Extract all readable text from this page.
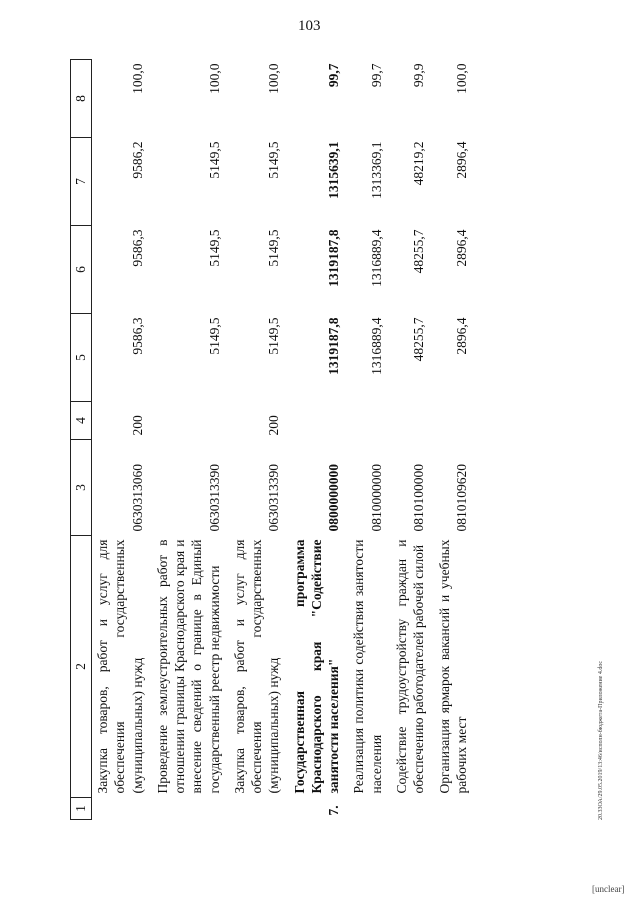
103
1	2	3	4	5	6	7	8
	Закупка товаров, работ и услуг для обеспечения государственных (муниципальных) нужд	0630313060	200	9586,3	9586,3	9586,2	100,0
	Проведение землеустроительных работ в отношении границы Краснодарского края и внесение сведений о границе в Единый государственный реестр недвижимости	0630313390		5149,5	5149,5	5149,5	100,0
	Закупка товаров, работ и услуг для обеспечения государственных (муниципальных) нужд	0630313390	200	5149,5	5149,5	5149,5	100,0
7.	Государственная программа Краснодарского края "Содействие занятости населения"	0800000000		1319187,8	1319187,8	1315639,1	99,7
	Реализация политики содействия занятости населения	0810000000		1316889,4	1316889,4	1313369,1	99,7
	Содействие трудоустройству граждан и обеспечению работодателей рабочей силой	0810100000		48255,7	48255,7	48219,2	99,9
	Организация ярмарок вакансий и учебных рабочих мест	0810109620		2896,4	2896,4	2896,4	100,0
20.33ОА/29.05.2019/13:46/исполн-бюджета-Приложение 4.doc
[unclear]
